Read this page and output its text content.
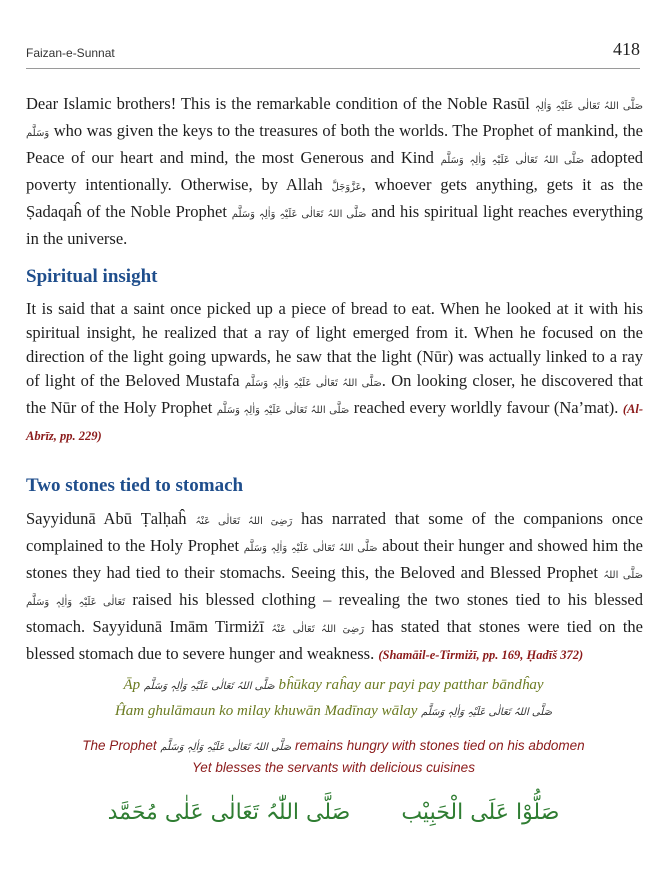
Faizan-e-Sunnat	418

Dear Islamic brothers! This is the remarkable condition of the Noble Rasūl صَلَّی اللہُ تَعَالٰی عَلَیْہِ وَاٰلِہٖ وَسَلَّم who was given the keys to the treasures of both the worlds. The Prophet of mankind, the Peace of our heart and mind, the most Generous and Kind صَلَّی اللہُ تَعَالٰی عَلَیْہِ وَاٰلِہٖ وَسَلَّم adopted poverty intentionally. Otherwise, by Allah عَزَّوَجَلَّ, whoever gets anything, gets it as the Ṣadaqaĥ of the Noble Prophet صَلَّی اللہُ تَعَالٰی عَلَیْہِ وَاٰلِہٖ وَسَلَّم and his spiritual light reaches everything in the universe.

Spiritual insight

It is said that a saint once picked up a piece of bread to eat. When he looked at it with his spiritual insight, he realized that a ray of light emerged from it. When he focused on the direction of the light going upwards, he saw that the light (Nūr) was actually linked to a ray of light of the Beloved Mustafa صَلَّی اللہُ تَعَالٰی عَلَیْہِ وَاٰلِہٖ وَسَلَّم. On looking closer, he discovered that the Nūr of the Holy Prophet صَلَّی اللہُ تَعَالٰی عَلَیْہِ وَاٰلِہٖ وَسَلَّم reached every worldly favour (Na’mat). (Al-Abrīz, pp. 229)

Two stones tied to stomach

Sayyidunā Abū Ṭalḥaĥ رَضِیَ اللہُ تَعَالٰی عَنْہُ has narrated that some of the companions once complained to the Holy Prophet صَلَّی اللہُ تَعَالٰی عَلَیْہِ وَاٰلِہٖ وَسَلَّم about their hunger and showed him the stones they had tied to their stomachs. Seeing this, the Beloved and Blessed Prophet صَلَّی اللہُ تَعَالٰی عَلَیْہِ وَاٰلِہٖ وَسَلَّم raised his blessed clothing – revealing the two stones tied to his blessed stomach. Sayyidunā Imām Tirmiżī رَضِیَ اللہُ تَعَالٰی عَنْہُ has stated that stones were tied on the blessed stomach due to severe hunger and weakness. (Shamāil-e-Tirmiżī, pp. 169, Ḥadīš 372)

Āp صَلَّی اللہُ تَعَالٰی عَلَیْہِ وَاٰلِہٖ وَسَلَّم bĥūkay raĥay aur payi pay patthar bāndĥay
Ĥam ghulāmaun ko milay khuwān Madīnay wālay صَلَّی اللہُ تَعَالٰی عَلَیْہِ وَاٰلِہٖ وَسَلَّم
The Prophet صَلَّی اللہُ تَعَالٰی عَلَیْہِ وَاٰلِہٖ وَسَلَّم remains hungry with stones tied on his abdomen
Yet blesses the servants with delicious cuisines
صَلُّوْا عَلَی الْحَبِیْب صَلَّی اللّٰہُ تَعَالٰی عَلٰی مُحَمَّد
